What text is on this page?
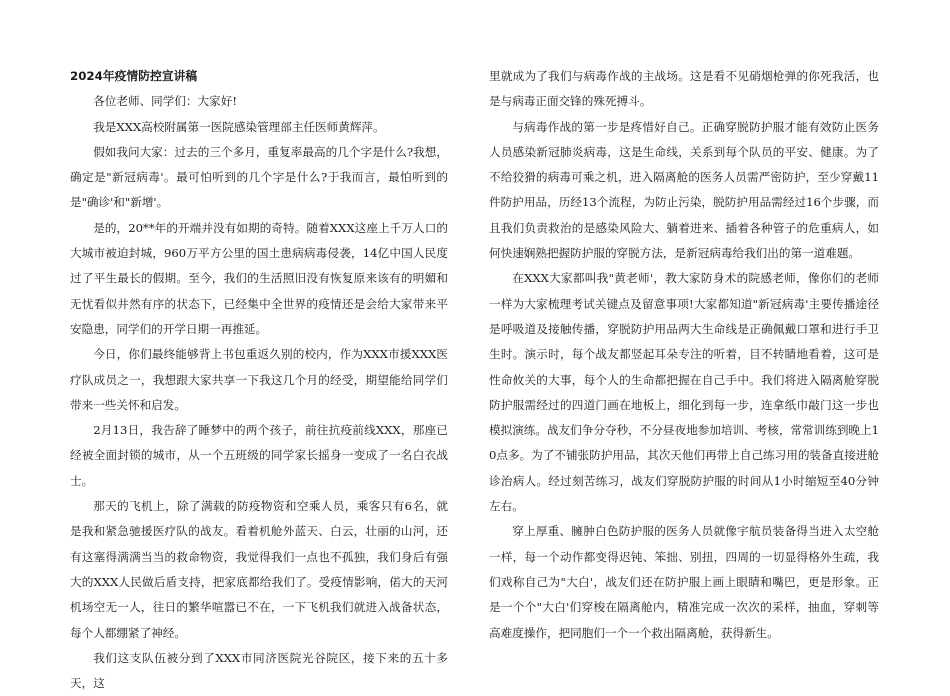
2024年疫情防控宣讲稿

各位老师、同学们：大家好!

我是XXX高校附属第一医院感染管理部主任医师黄辉萍。

假如我问大家：过去的三个多月，重复率最高的几个字是什么?我想，确定是"新冠病毒'。最可怕听到的几个字是什么?于我而言，最怕听到的是"确诊'和"新增'。

是的，20**年的开端并没有如期的奇特。随着XXX这座上千万人口的大城市被迫封城，960万平方公里的国土患病病毒侵袭，14亿中国人民度过了平生最长的假期。至今，我们的生活照旧没有恢复原来该有的明媚和无忧看似井然有序的状态下，已经集中全世界的疫情还是会给大家带来平安隐患，同学们的开学日期一再推延。

今日，你们最终能够背上书包重返久别的校内，作为XXX市援XXX医疗队成员之一，我想跟大家共享一下我这几个月的经受，期望能给同学们带来一些关怀和启发。

2月13日，我告辞了睡梦中的两个孩子，前往抗疫前线XXX，那座已经被全面封锁的城市，从一个五班级的同学家长摇身一变成了一名白衣战士。

那天的飞机上，除了满载的防疫物资和空乘人员，乘客只有6名，就是我和紧急驰援医疗队的战友。看着机舱外蓝天、白云，壮丽的山河，还有这塞得满满当当的救命物资，我觉得我们一点也不孤独，我们身后有强大的XXX人民做后盾支持，把家底都给我们了。受疫情影响，偌大的天河机场空无一人，往日的繁华喧嚣已不在，一下飞机我们就进入战备状态，每个人都绷紧了神经。

我们这支队伍被分到了XXX市同济医院光谷院区，接下来的五十多天，这

里就成为了我们与病毒作战的主战场。这是看不见硝烟枪弹的你死我活，也是与病毒正面交锋的殊死搏斗。

与病毒作战的第一步是疼惜好自己。正确穿脱防护服才能有效防止医务人员感染新冠肺炎病毒，这是生命线，关系到每个队员的平安、健康。为了不给狡猾的病毒可乘之机，进入隔离舱的医务人员需严密防护，至少穿戴11件防护用品，历经13个流程，为防止污染，脱防护用品需经过16个步骤，而且我们负责救治的是感染风险大、躺着进来、插着各种管子的危重病人，如何快速娴熟把握防护服的穿脱方法，是新冠病毒给我们出的第一道难题。

在XXX大家都叫我"黄老师'，教大家防身术的院感老师，像你们的老师一样为大家梳理考试关键点及留意事项!大家都知道"新冠病毒'主要传播途径是呼吸道及接触传播，穿脱防护用品两大生命线是正确佩戴口罩和进行手卫生时。演示时，每个战友都竖起耳朵专注的听着，目不转睛地看着，这可是性命攸关的大事，每个人的生命都把握在自己手中。我们将进入隔离舱穿脱防护服需经过的四道门画在地板上，细化到每一步，连拿纸巾敲门这一步也模拟演练。战友们争分夺秒，不分昼夜地参加培训、考核，常常训练到晚上10点多。为了不铺张防护用品，其次天他们再带上自己练习用的装备直接进舱诊治病人。经过刻苦练习，战友们穿脱防护服的时间从1小时缩短至40分钟左右。

穿上厚重、臃肿白色防护服的医务人员就像宇航员装备得当进入太空舱一样，每一个动作都变得迟钝、笨拙、别扭，四周的一切显得格外生疏，我们戏称自己为"大白'，战友们还在防护服上画上眼睛和嘴巴，更是形象。正是一个个"大白'们穿梭在隔离舱内，精准完成一次次的采样，抽血，穿刺等高难度操作，把同胞们一个一个救出隔离舱，获得新生。
